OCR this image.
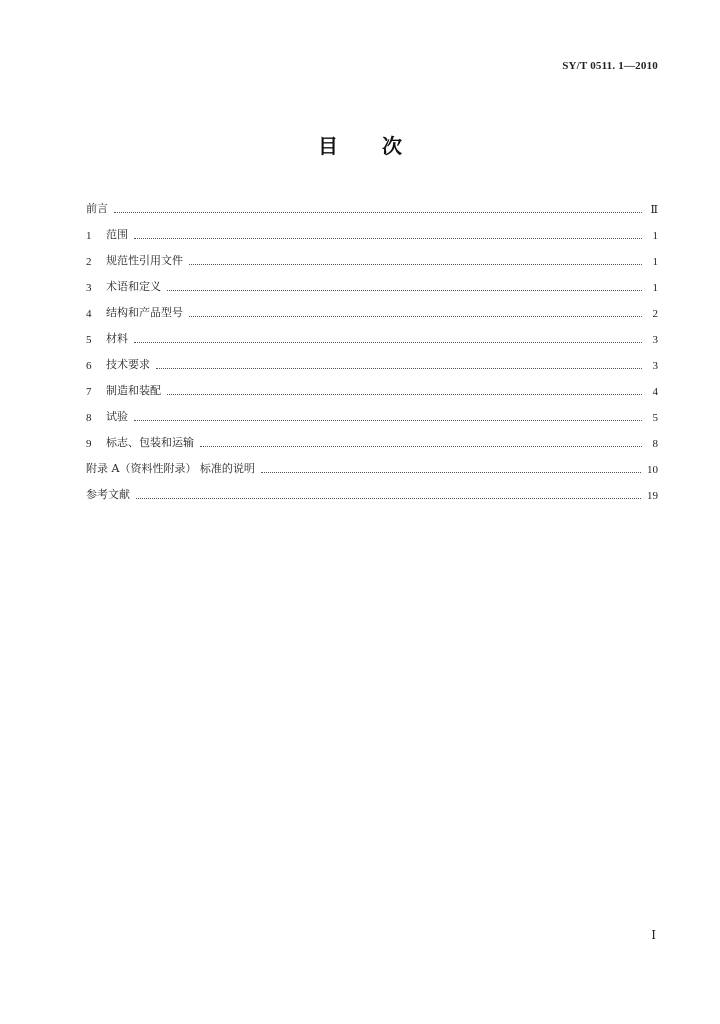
SY/T 0511. 1—2010
目 次
前言	Ⅱ
1	范围	1
2	规范性引用文件	1
3	术语和定义	1
4	结构和产品型号	2
5	材料	3
6	技术要求	3
7	制造和装配	4
8	试验	5
9	标志、包装和运输	8
附录 A（资料性附录） 标准的说明	10
参考文献	19
Ⅰ
